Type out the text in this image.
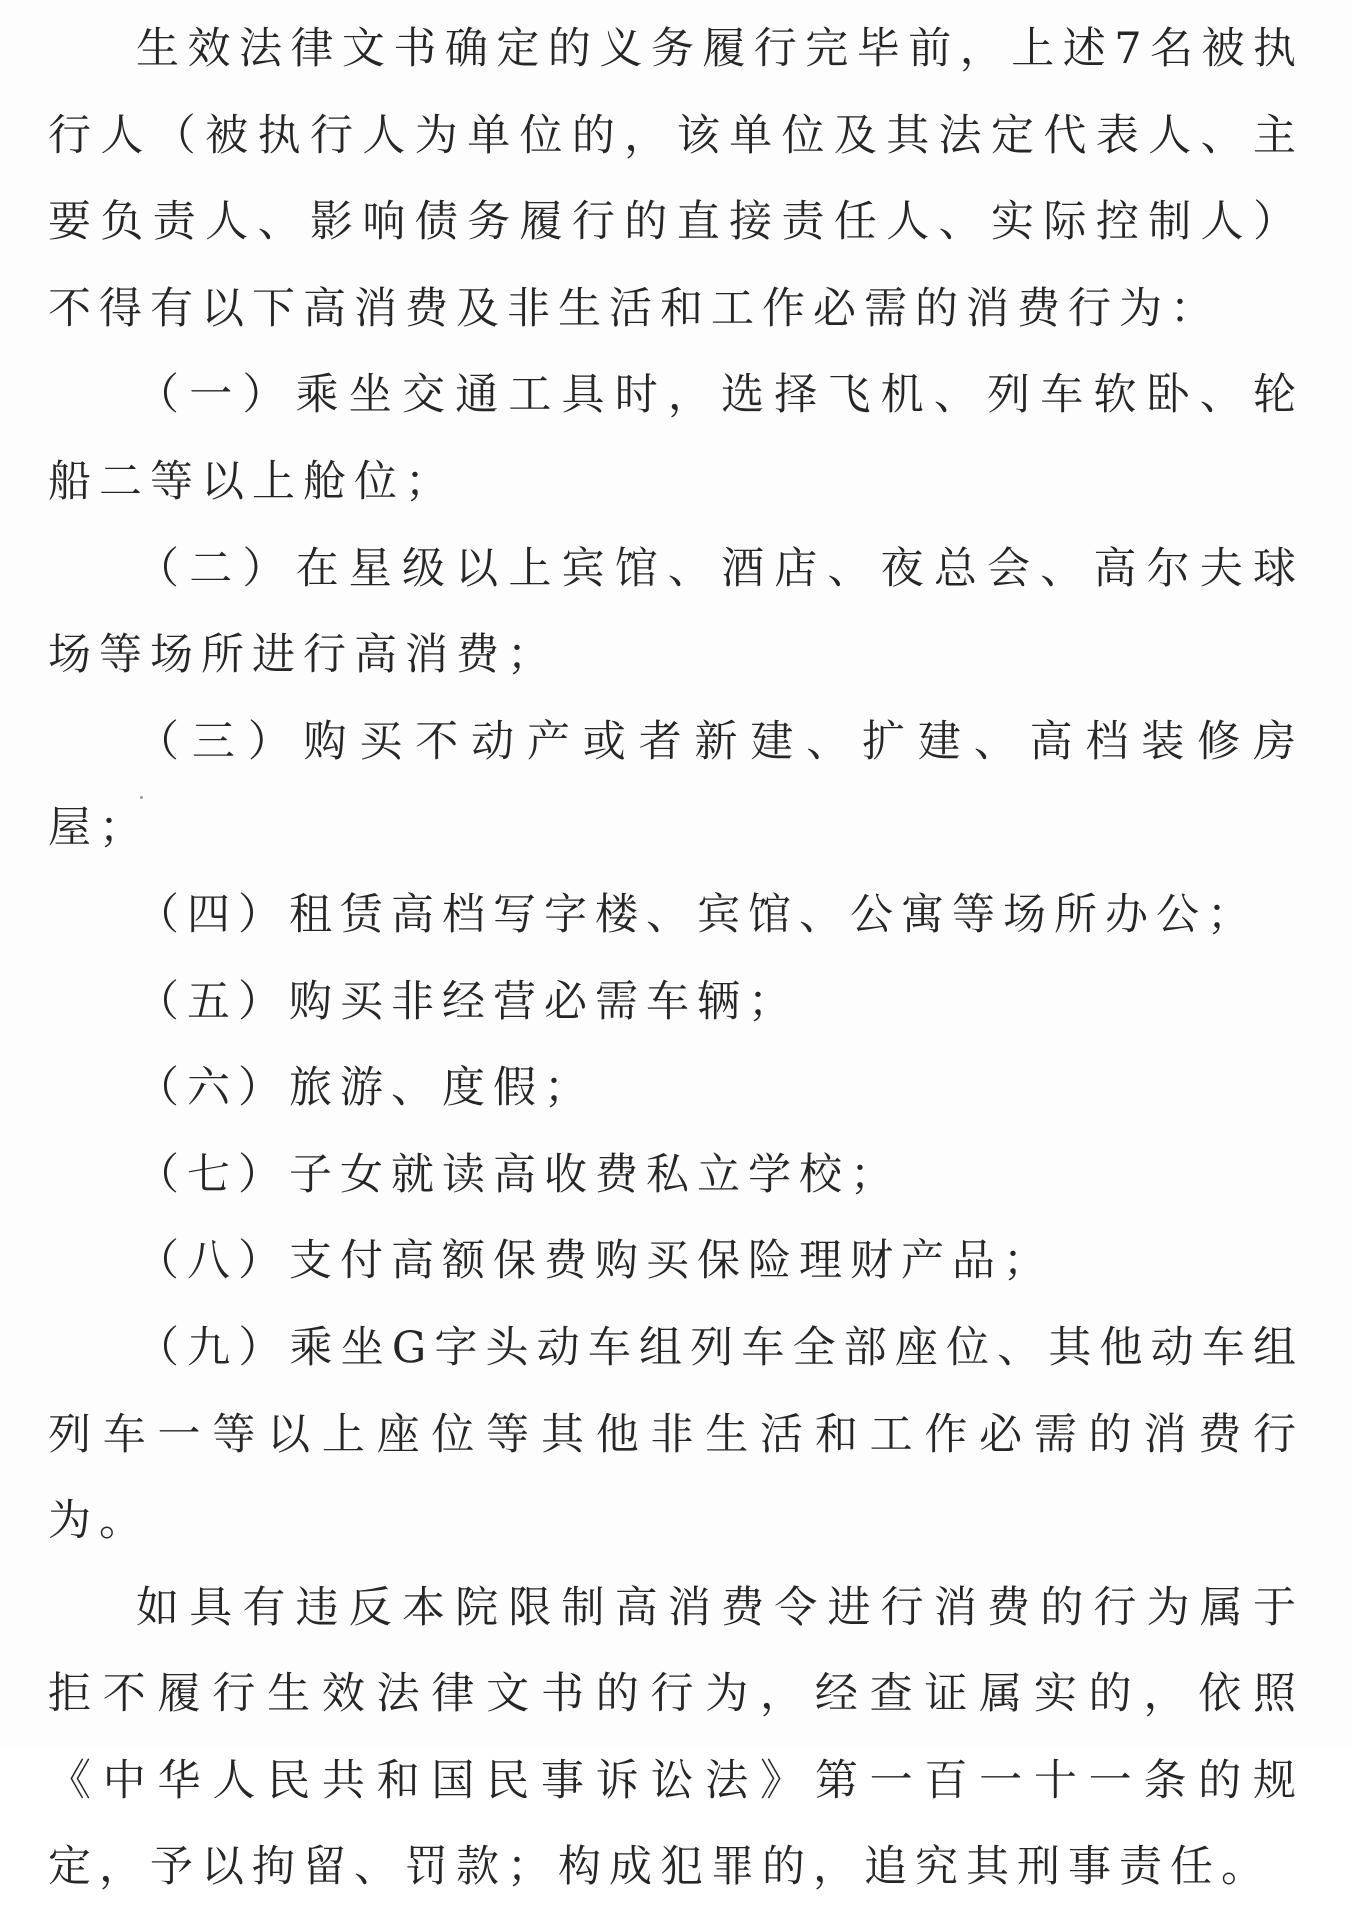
生效法律文书确定的义务履行完毕前，上述7名被执行人（被执行人为单位的，该单位及其法定代表人、主要负责人、影响债务履行的直接责任人、实际控制人）不得有以下高消费及非生活和工作必需的消费行为：

（一）乘坐交通工具时，选择飞机、列车软卧、轮船二等以上舱位；

（二）在星级以上宾馆、酒店、夜总会、高尔夫球场等场所进行高消费；

（三）购买不动产或者新建、扩建、高档装修房屋；

（四）租赁高档写字楼、宾馆、公寓等场所办公；

（五）购买非经营必需车辆；

（六）旅游、度假；

（七）子女就读高收费私立学校；

（八）支付高额保费购买保险理财产品；

（九）乘坐G字头动车组列车全部座位、其他动车组列车一等以上座位等其他非生活和工作必需的消费行为。

如具有违反本院限制高消费令进行消费的行为属于拒不履行生效法律文书的行为，经查证属实的，依照《中华人民共和国民事诉讼法》第一百一十一条的规定，予以拘留、罚款；构成犯罪的，追究其刑事责任。
